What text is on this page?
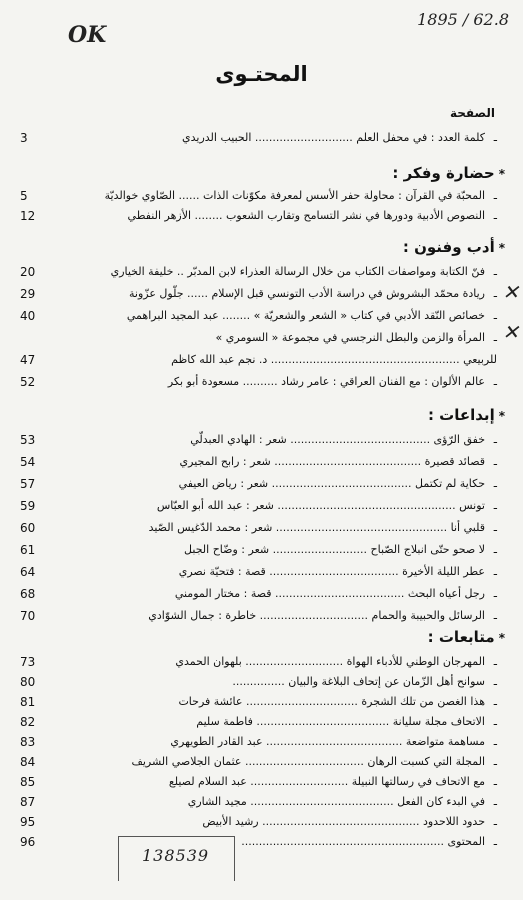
OK
1895 / 62.8
138539
المحتـوى
الصفحة
ـ
كلمة العدد : في محفل العلم ............................ الحبيب الدريدي
3
*حضارة وفكر :
ـ
المحبّة في القرآن : محاولة حفر الأسس لمعرفة مكوّنات الذات ...... الصّاوي خوالديّة
5
ـ
النصوص الأدبية ودورها في نشر التسامح وتقارب الشعوب ........ الأزهر النفطي
12
*أدب وفنون :
ـ
فنّ الكتابة ومواصفات الكتاب من خلال الرسالة العذراء لابن المدبّر .. خليفة الخياري
20
ـ
ريادة محمّد البشروش في دراسة الأدب التونسي قبل الإسلام ...... جلّول عزّونة
29
ـ
خصائص النّقد الأدبي في كتاب « الشعر والشعريّة » ........ عبد المجيد البراهمي
40
ـ
المرأة والزمن والبطل النرجسي في مجموعة « السومري »
للربيعي ...................................................... د. نجم عبد الله كاظم
47
ـ
عالم الألوان : مع الفنان العراقي : عامر رشاد .......... مسعودة أبو بكر
52
✕
✕
*إبداعات :
ـ
خفق الرّؤى ........................................ شعر : الهادي العبدلّي
53
ـ
قصائد قصيرة .......................................... شعر : رابح المجيري
54
ـ
حكاية لم تكتمل ........................................ شعر : رياض العيفي
57
ـ
تونس ................................................... شعر : عبد الله أبو العبّاس
59
ـ
قلبي أنا ................................................. شعر : محمد الدّغيس الصّيد
60
ـ
لا صحو حتّى انبلاج الصّباح ........................... شعر : وضّاح الجبل
61
ـ
عطر الليلة الأخيرة ..................................... قصة : فتحيّة نصري
64
ـ
رجل أعياه البحث ..................................... قصة : مختار المومني
68
ـ
الرسائل والحبيبة والحمام ............................... خاطرة : جمال الشوّادي
70
*متابعات :
ـ
المهرجان الوطني للأدباء الهواة ............................ بلهوان الحمدي
73
ـ
سوانح أهل الزّمان عن إتحاف البلاغة والبيان ...............
80
ـ
هذا الغصن من تلك الشجرة ................................ عائشة فرحات
81
ـ
الاتحاف مجلة سليانة ...................................... فاطمة سليم
82
ـ
مساهمة متواضعة ....................................... عبد القادر الطويهري
83
ـ
المجلة التي كسبت الرهان .................................. عثمان الجلاصي الشريف
84
ـ
مع الاتحاف في رسالتها النبيلة ............................ عبد السلام لصيلع
85
ـ
في البدء كان الفعل ......................................... مجيد الشاري
87
ـ
حدود اللاحدود ............................................. رشيد الأبيض
95
ـ
المحتوى ..........................................................
96
